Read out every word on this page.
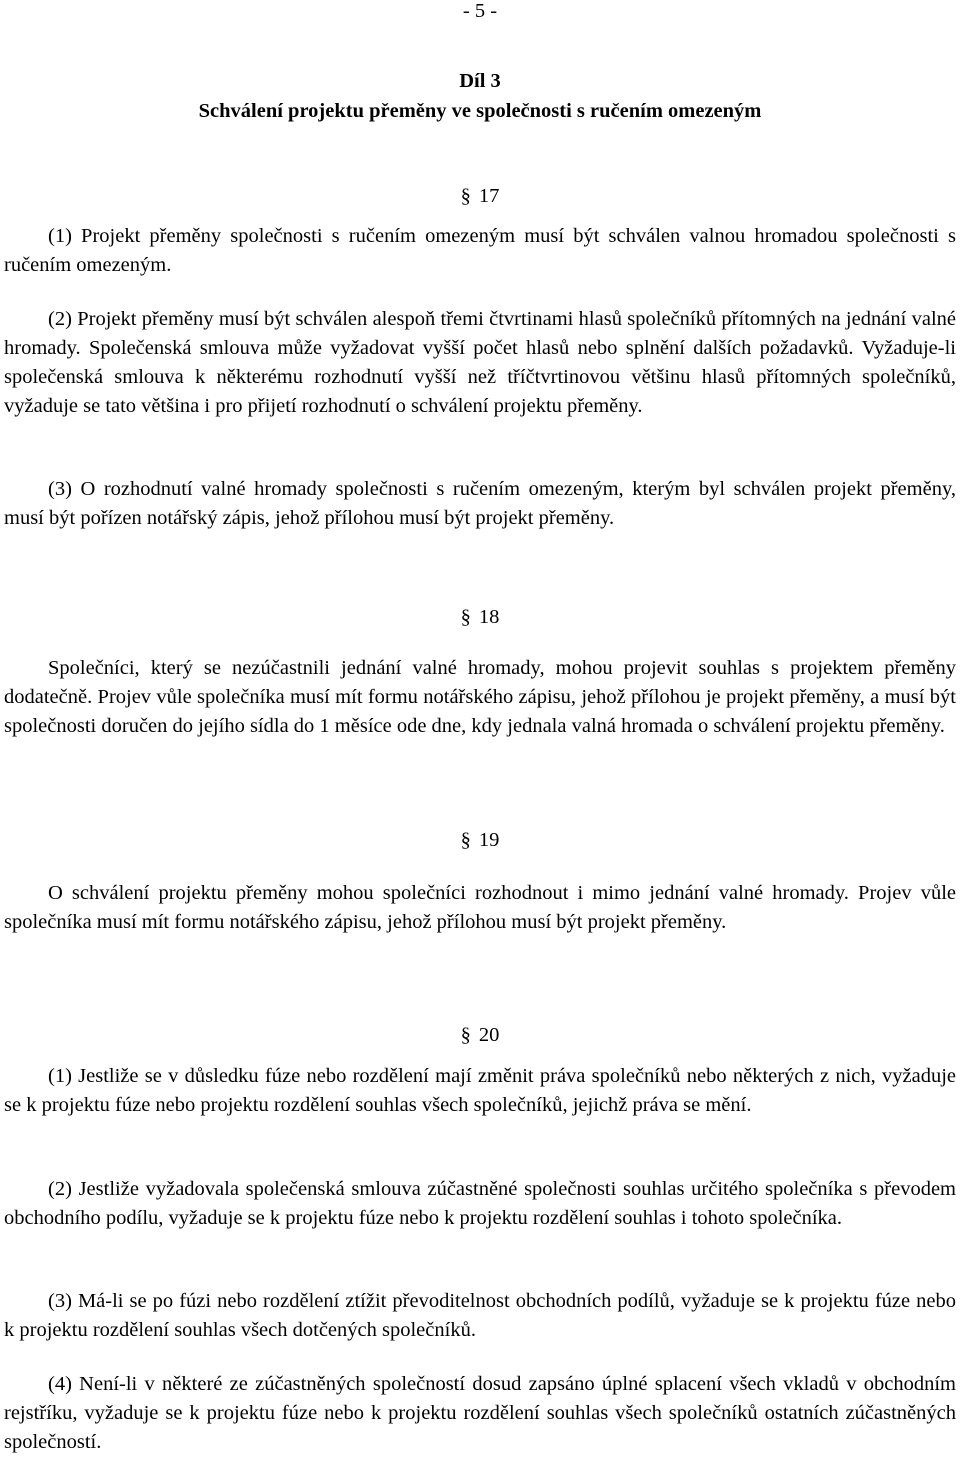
- 5 -
Díl 3
Schválení projektu přeměny ve společnosti s ručením omezeným
§ 17

(1) Projekt přeměny společnosti s ručením omezeným musí být schválen valnou hromadou společnosti s ručením omezeným.

(2) Projekt přeměny musí být schválen alespoň třemi čtvrtinami hlasů společníků přítomných na jednání valné hromady. Společenská smlouva může vyžadovat vyšší počet hlasů nebo splnění dalších požadavků. Vyžaduje-li společenská smlouva k některému rozhodnutí vyšší než tříčtvrtinovou většinu hlasů přítomných společníků, vyžaduje se tato většina i pro přijetí rozhodnutí o schválení projektu přeměny.

(3) O rozhodnutí valné hromady společnosti s ručením omezeným, kterým byl schválen projekt přeměny, musí být pořízen notářský zápis, jehož přílohou musí být projekt přeměny.

§ 18

Společníci, který se nezúčastnili jednání valné hromady, mohou projevit souhlas s projektem přeměny dodatečně. Projev vůle společníka musí mít formu notářského zápisu, jehož přílohou je projekt přeměny, a musí být společnosti doručen do jejího sídla do 1 měsíce ode dne, kdy jednala valná hromada o schválení projektu přeměny.

§ 19

O schválení projektu přeměny mohou společníci rozhodnout i mimo jednání valné hromady. Projev vůle společníka musí mít formu notářského zápisu, jehož přílohou musí být projekt přeměny.

§ 20

(1) Jestliže se v důsledku fúze nebo rozdělení mají změnit práva společníků nebo některých z nich, vyžaduje se k projektu fúze nebo projektu rozdělení souhlas všech společníků, jejichž práva se mění.

(2) Jestliže vyžadovala společenská smlouva zúčastněné společnosti souhlas určitého společníka s převodem obchodního podílu, vyžaduje se k projektu fúze nebo k projektu rozdělení souhlas i tohoto společníka.

(3) Má-li se po fúzi nebo rozdělení ztížit převoditelnost obchodních podílů, vyžaduje se k projektu fúze nebo k projektu rozdělení souhlas všech dotčených společníků.

(4) Není-li v některé ze zúčastněných společností dosud zapsáno úplné splacení všech vkladů v obchodním rejstříku, vyžaduje se k projektu fúze nebo k projektu rozdělení souhlas všech společníků ostatních zúčastněných společností.
